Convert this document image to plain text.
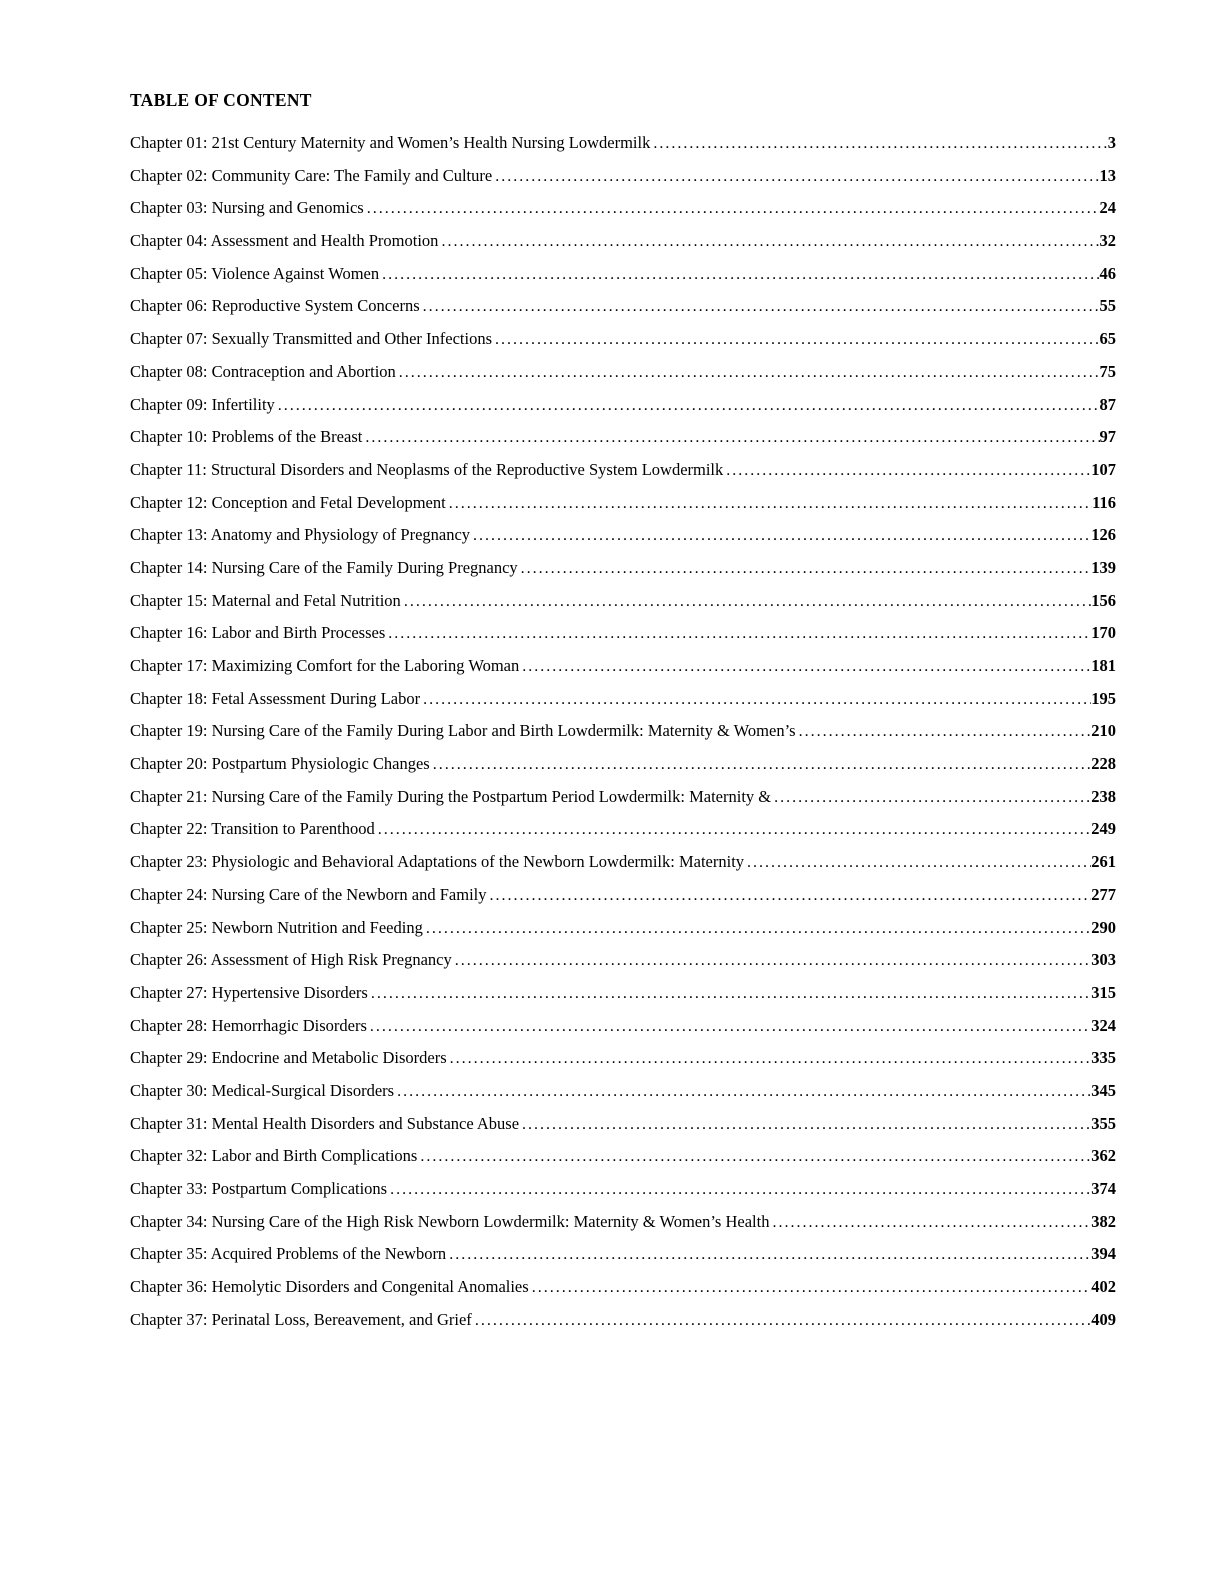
TABLE OF CONTENT
Chapter 01: 21st Century Maternity and Women’s Health Nursing Lowdermilk .....	3
Chapter 02: Community Care: The Family and Culture .....	13
Chapter 03: Nursing and Genomics .....	24
Chapter 04: Assessment and Health Promotion .....	32
Chapter 05: Violence Against Women .....	46
Chapter 06: Reproductive System Concerns .....	55
Chapter 07: Sexually Transmitted and Other Infections .....	65
Chapter 08: Contraception and Abortion .....	75
Chapter 09: Infertility .....	87
Chapter 10: Problems of the Breast .....	97
Chapter 11: Structural Disorders and Neoplasms of the Reproductive System Lowdermilk .....	107
Chapter 12: Conception and Fetal Development .....	116
Chapter 13: Anatomy and Physiology of Pregnancy .....	126
Chapter 14: Nursing Care of the Family During Pregnancy .....	139
Chapter 15: Maternal and Fetal Nutrition .....	156
Chapter 16: Labor and Birth Processes .....	170
Chapter 17: Maximizing Comfort for the Laboring Woman .....	181
Chapter 18: Fetal Assessment During Labor .....	195
Chapter 19: Nursing Care of the Family During Labor and Birth Lowdermilk: Maternity & Women’s .....	210
Chapter 20: Postpartum Physiologic Changes .....	228
Chapter 21: Nursing Care of the Family During the Postpartum Period Lowdermilk: Maternity & .....	238
Chapter 22: Transition to Parenthood .....	249
Chapter 23: Physiologic and Behavioral Adaptations of the Newborn Lowdermilk: Maternity .....	261
Chapter 24: Nursing Care of the Newborn and Family .....	277
Chapter 25: Newborn Nutrition and Feeding .....	290
Chapter 26: Assessment of High Risk Pregnancy .....	303
Chapter 27: Hypertensive Disorders .....	315
Chapter 28: Hemorrhagic Disorders .....	324
Chapter 29: Endocrine and Metabolic Disorders .....	335
Chapter 30: Medical-Surgical Disorders .....	345
Chapter 31: Mental Health Disorders and Substance Abuse .....	355
Chapter 32: Labor and Birth Complications .....	362
Chapter 33: Postpartum Complications .....	374
Chapter 34: Nursing Care of the High Risk Newborn Lowdermilk: Maternity & Women’s Health .....	382
Chapter 35: Acquired Problems of the Newborn .....	394
Chapter 36: Hemolytic Disorders and Congenital Anomalies .....	402
Chapter 37: Perinatal Loss, Bereavement, and Grief .....	409
